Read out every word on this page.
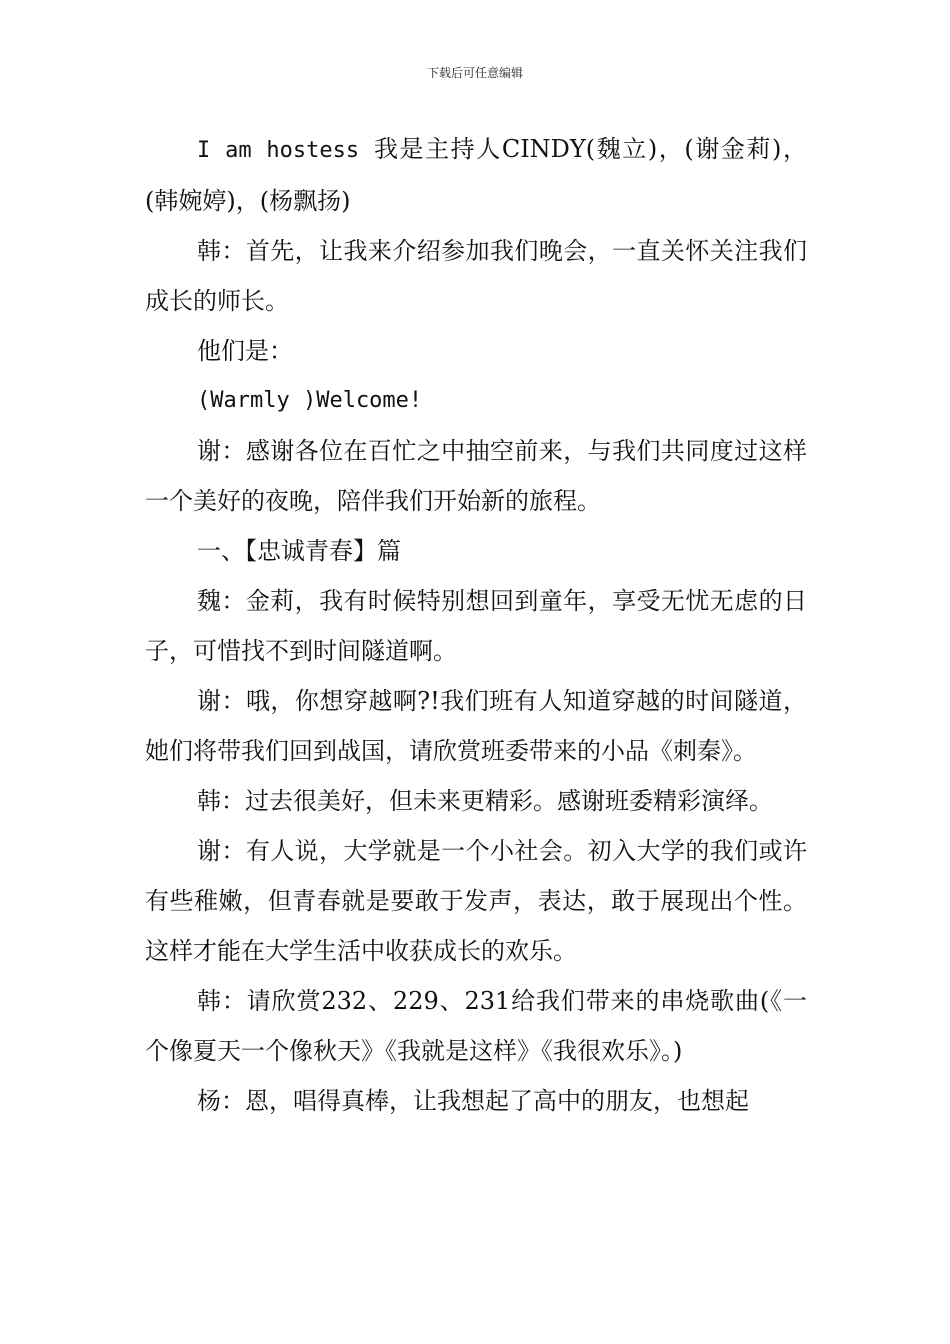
下载后可任意编辑

I am hostess 我是主持人CINDY(魏立)，(谢金莉)，(韩婉婷)，(杨飘扬)

韩：首先，让我来介绍参加我们晚会，一直关怀关注我们成长的师长。

他们是：

(Warmly )Welcome!

谢：感谢各位在百忙之中抽空前来，与我们共同度过这样一个美好的夜晚，陪伴我们开始新的旅程。

一、【忠诚青春】篇

魏：金莉，我有时候特别想回到童年，享受无忧无虑的日子，可惜找不到时间隧道啊。

谢：哦，你想穿越啊?!我们班有人知道穿越的时间隧道，她们将带我们回到战国，请欣赏班委带来的小品《刺秦》。

韩：过去很美好，但未来更精彩。感谢班委精彩演绎。

谢：有人说，大学就是一个小社会。初入大学的我们或许有些稚嫩，但青春就是要敢于发声，表达，敢于展现出个性。这样才能在大学生活中收获成长的欢乐。

韩：请欣赏232、229、231给我们带来的串烧歌曲(《一个像夏天一个像秋天》《我就是这样》《我很欢乐》。)

杨：恩，唱得真棒，让我想起了高中的朋友，也想起
